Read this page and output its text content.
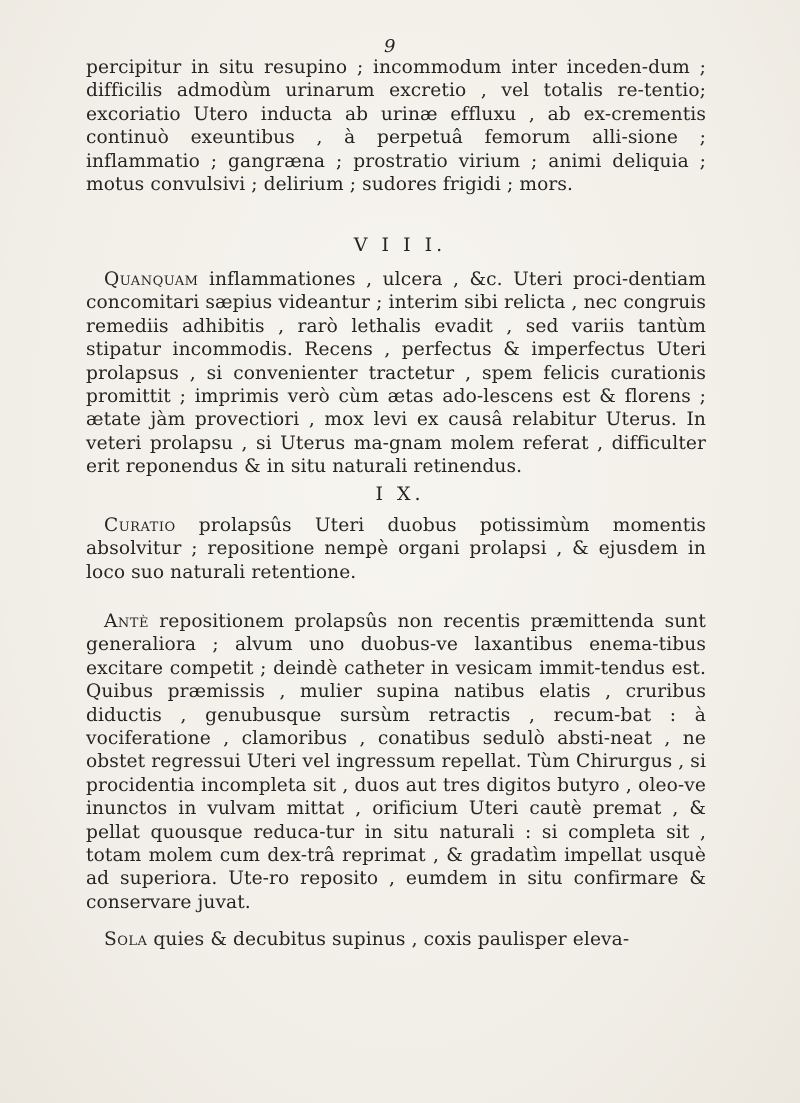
9

percipitur in situ resupino ; incommodum inter inceden-dum ; difficilis admodùm urinarum excretio , vel totalis re-tentio; excoriatio Utero inducta ab urinæ effluxu , ab ex-crementis continuò exeuntibus , à perpetuâ femorum alli-sione ; inflammatio ; gangræna ; prostratio virium ; animi deliquia ; motus convulsivi ; delirium ; sudores frigidi ; mors.

V I I I.

Quanquam inflammationes , ulcera , &c. Uteri proci-dentiam concomitari sæpius videantur ; interim sibi relicta , nec congruis remediis adhibitis , rarò lethalis evadit , sed variis tantùm stipatur incommodis. Recens , perfectus & imperfectus Uteri prolapsus , si convenienter tractetur , spem felicis curationis promittit ; imprimis verò cùm ætas ado-lescens est & florens ; ætate jàm provectiori , mox levi ex causâ relabitur Uterus. In veteri prolapsu , si Uterus ma-gnam molem referat , difficulter erit reponendus & in situ naturali retinendus.

I X.

Curatio prolapsûs Uteri duobus potissimùm momentis absolvitur ; repositione nempè organi prolapsi , & ejusdem in loco suo naturali retentione.

Antè repositionem prolapsûs non recentis præmittenda sunt generaliora ; alvum uno duobus-ve laxantibus enema-tibus excitare competit ; deindè catheter in vesicam immit-tendus est. Quibus præmissis , mulier supina natibus elatis , cruribus diductis , genubusque sursùm retractis , recum-bat : à vociferatione , clamoribus , conatibus sedulò absti-neat , ne obstet regressui Uteri vel ingressum repellat. Tùm Chirurgus , si procidentia incompleta sit , duos aut tres digitos butyro , oleo-ve inunctos in vulvam mittat , orificium Uteri cautè premat , & pellat quousque reduca-tur in situ naturali : si completa sit , totam molem cum dex-trâ reprimat , & gradatìm impellat usquè ad superiora. Ute-ro reposito , eumdem in situ confirmare & conservare juvat.

Sola quies & decubitus supinus , coxis paulisper eleva-
